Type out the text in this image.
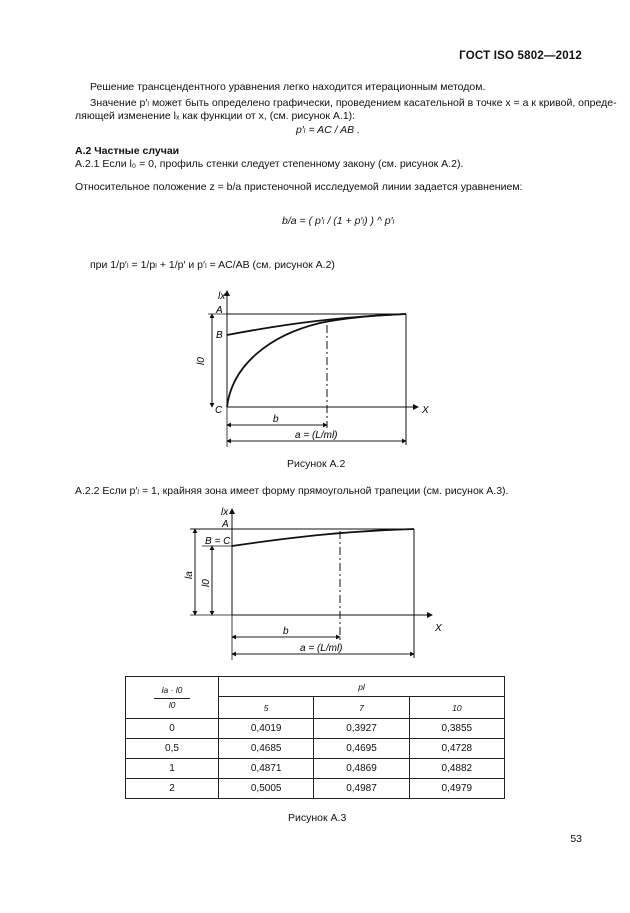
ГОСТ ISO 5802—2012
Решение трансцендентного уравнения легко находится итерационным методом.
Значение p′ₗ может быть определено графически, проведением касательной в точке x = a к кривой, опреде-
ляющей изменение lₓ как функции от x, (см. рисунок А.1):
p′ₗ = AC / AB .
А.2 Частные случаи
А.2.1 Если l₀ = 0, профиль стенки следует степенному закону (см. рисунок А.2).
Относительное положение z = b/a пристеночной исследуемой линии задается уравнением:
b/a = ( p′ₗ / (1 + p′ₗ) ) ^ p′ₗ
при 1/p′ₗ = 1/pₗ + 1/p′ и p′ₗ = AC/AB (см. рисунок А.2)
lx
X
A
B
C
l0
b
a = (L/ml)
Рисунок А.2
А.2.2 Если p′ₗ = 1, крайняя зона имеет форму прямоугольной трапеции (см. рисунок А.3).
lx
X
A
B = C
la
l0
b
a = (L/ml)
la · l0
l0	pl		
	5	7	10
0	0,4019	0,3927	0,3855
0,5	0,4685	0,4695	0,4728
1	0,4871	0,4869	0,4882
2	0,5005	0,4987	0,4979
Рисунок А.3
53
